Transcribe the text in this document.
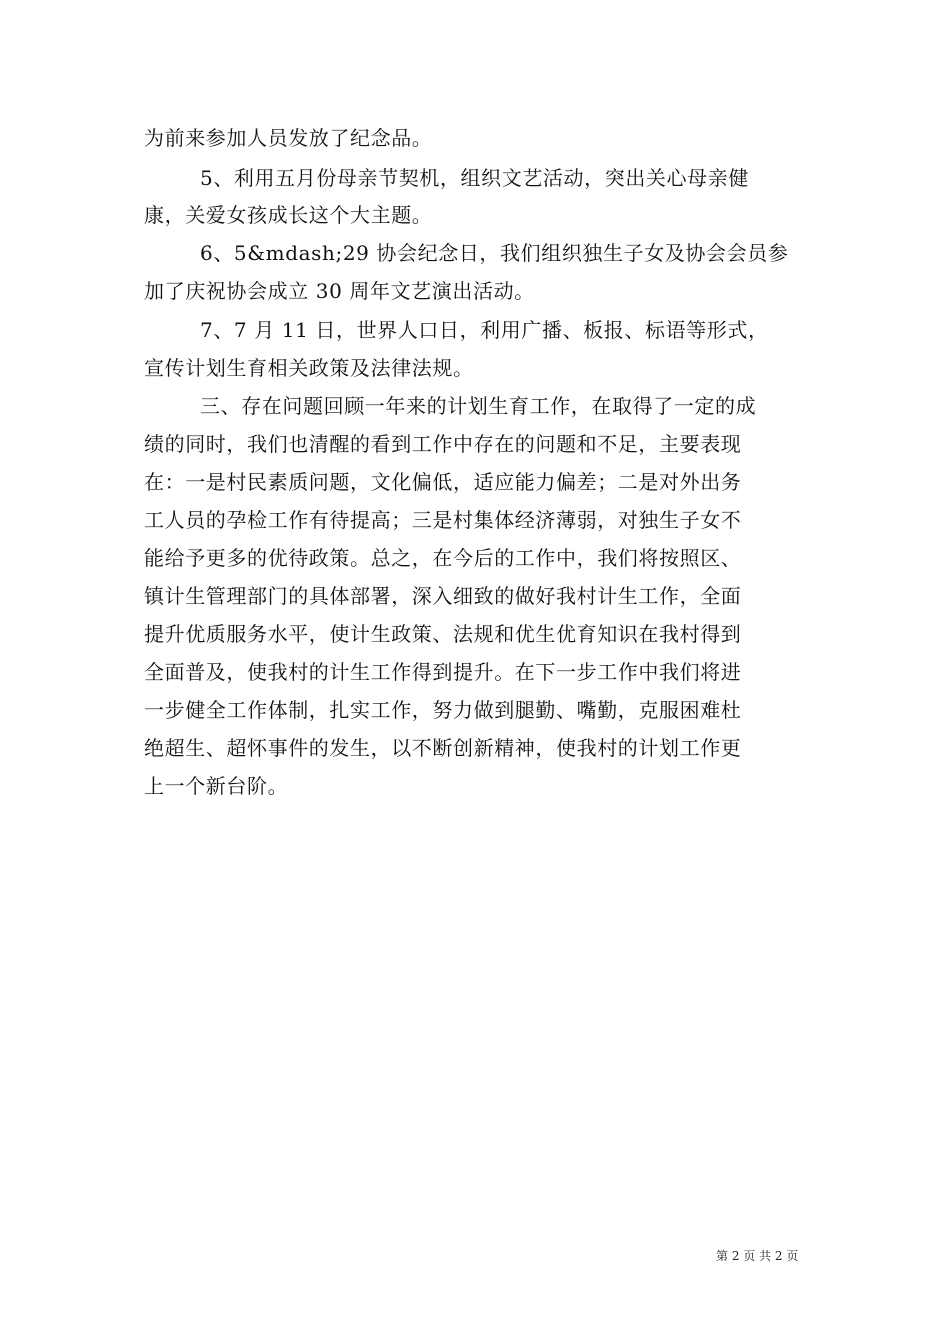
为前来参加人员发放了纪念品。
5、利用五月份母亲节契机，组织文艺活动，突出关心母亲健
康，关爱女孩成长这个大主题。
6、5&mdash;29 协会纪念日，我们组织独生子女及协会会员参
加了庆祝协会成立 30 周年文艺演出活动。
7、7 月 11 日，世界人口日，利用广播、板报、标语等形式，
宣传计划生育相关政策及法律法规。
三、存在问题回顾一年来的计划生育工作，在取得了一定的成
绩的同时，我们也清醒的看到工作中存在的问题和不足，主要表现
在：一是村民素质问题，文化偏低，适应能力偏差；二是对外出务
工人员的孕检工作有待提高；三是村集体经济薄弱，对独生子女不
能给予更多的优待政策。总之，在今后的工作中，我们将按照区、
镇计生管理部门的具体部署，深入细致的做好我村计生工作，全面
提升优质服务水平，使计生政策、法规和优生优育知识在我村得到
全面普及，使我村的计生工作得到提升。在下一步工作中我们将进
一步健全工作体制，扎实工作，努力做到腿勤、嘴勤，克服困难杜
绝超生、超怀事件的发生，以不断创新精神，使我村的计划工作更
上一个新台阶。
第 2 页 共 2 页
